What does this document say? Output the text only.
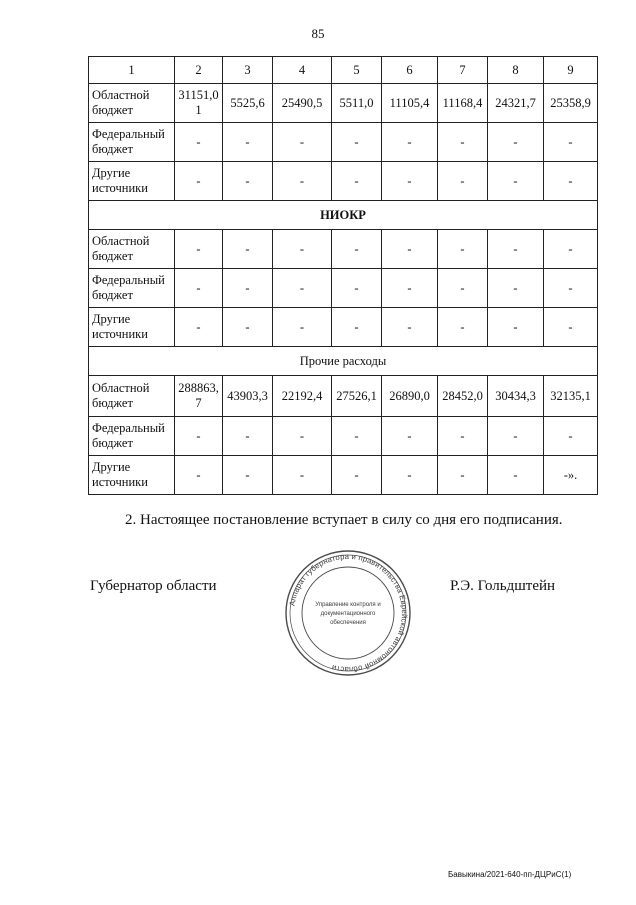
85
1	2	3	4	5	6	7	8	9
Областной бюджет	31151,01	5525,6	25490,5	5511,0	11105,4	11168,4	24321,7	25358,9
Федеральный бюджет	-	-	-	-	-	-	-	-
Другие источники	-	-	-	-	-	-	-	-
НИОКР								
Областной бюджет	-	-	-	-	-	-	-	-
Федеральный бюджет	-	-	-	-	-	-	-	-
Другие источники	-	-	-	-	-	-	-	-
Прочие расходы								
Областной бюджет	288863,7	43903,3	22192,4	27526,1	26890,0	28452,0	30434,3	32135,1
Федеральный бюджет	-	-	-	-	-	-	-	-
Другие источники	-	-	-	-	-	-	-	-».
2. Настоящее постановление вступает в силу со дня его подписания.
Губернатор области	Р.Э. Гольдштейн
Аппарат губернатора и правительства Еврейской автономной области
Управление контроля и
документационного
обеспечения
Бавыкина/2021-640-пп-ДЦРиС(1)
